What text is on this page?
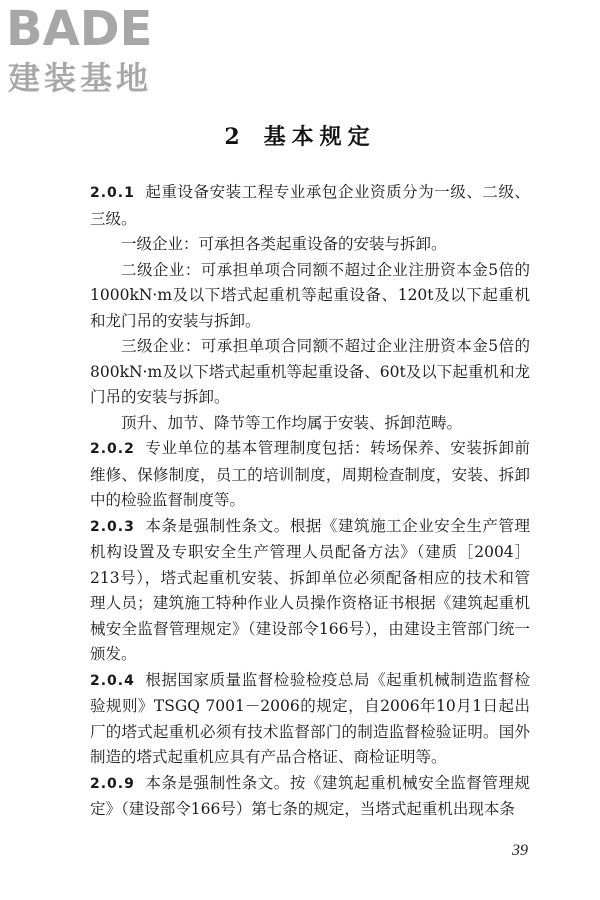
BADE
建装基地
2 基本规定

2.0.1 起重设备安装工程专业承包企业资质分为一级、二级、三级。

一级企业：可承担各类起重设备的安装与拆卸。

二级企业：可承担单项合同额不超过企业注册资本金5倍的1000kN·m及以下塔式起重机等起重设备、120t及以下起重机和龙门吊的安装与拆卸。

三级企业：可承担单项合同额不超过企业注册资本金5倍的800kN·m及以下塔式起重机等起重设备、60t及以下起重机和龙门吊的安装与拆卸。

顶升、加节、降节等工作均属于安装、拆卸范畴。

2.0.2 专业单位的基本管理制度包括：转场保养、安装拆卸前维修、保修制度，员工的培训制度，周期检查制度，安装、拆卸中的检验监督制度等。

2.0.3 本条是强制性条文。根据《建筑施工企业安全生产管理机构设置及专职安全生产管理人员配备方法》（建质［2004］213号），塔式起重机安装、拆卸单位必须配备相应的技术和管理人员；建筑施工特种作业人员操作资格证书根据《建筑起重机械安全监督管理规定》（建设部令166号），由建设主管部门统一颁发。

2.0.4 根据国家质量监督检验检疫总局《起重机械制造监督检验规则》TSGQ 7001－2006的规定，自2006年10月1日起出厂的塔式起重机必须有技术监督部门的制造监督检验证明。国外制造的塔式起重机应具有产品合格证、商检证明等。

2.0.9 本条是强制性条文。按《建筑起重机械安全监督管理规定》（建设部令166号）第七条的规定，当塔式起重机出现本条

39
